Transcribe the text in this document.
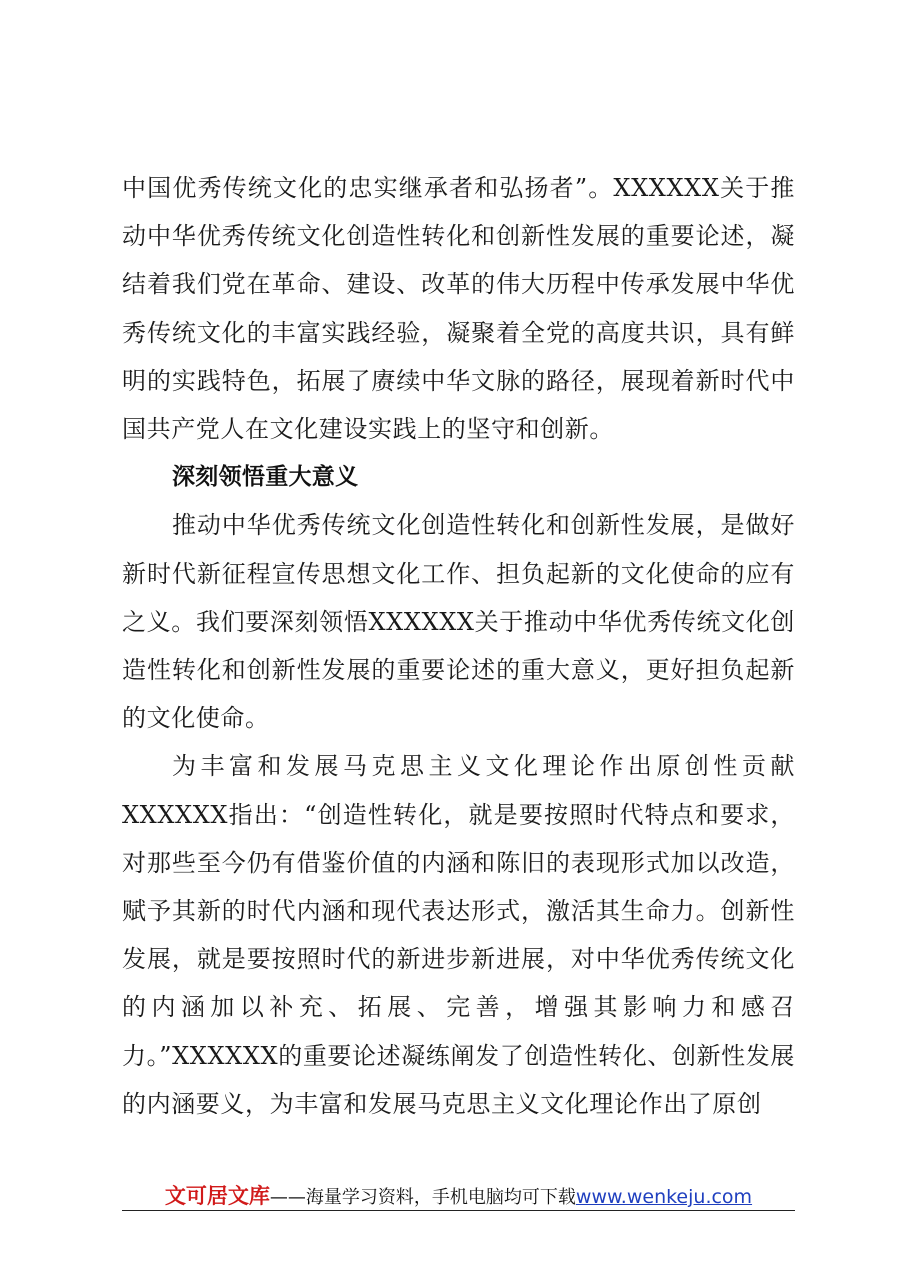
中国优秀传统文化的忠实继承者和弘扬者”。XXXXXX关于推动中华优秀传统文化创造性转化和创新性发展的重要论述，凝结着我们党在革命、建设、改革的伟大历程中传承发展中华优秀传统文化的丰富实践经验，凝聚着全党的高度共识，具有鲜明的实践特色，拓展了赓续中华文脉的路径，展现着新时代中国共产党人在文化建设实践上的坚守和创新。

深刻领悟重大意义

推动中华优秀传统文化创造性转化和创新性发展，是做好新时代新征程宣传思想文化工作、担负起新的文化使命的应有之义。我们要深刻领悟XXXXXX关于推动中华优秀传统文化创造性转化和创新性发展的重要论述的重大意义，更好担负起新的文化使命。

为丰富和发展马克思主义文化理论作出原创性贡献XXXXXX指出：“创造性转化，就是要按照时代特点和要求，对那些至今仍有借鉴价值的内涵和陈旧的表现形式加以改造，赋予其新的时代内涵和现代表达形式，激活其生命力。创新性发展，就是要按照时代的新进步新进展，对中华优秀传统文化的内涵加以补充、拓展、完善，增强其影响力和感召力。”XXXXXX的重要论述凝练阐发了创造性转化、创新性发展的内涵要义，为丰富和发展马克思主义文化理论作出了原创

文可居文库——海量学习资料，手机电脑均可下载www.wenkeju.com
